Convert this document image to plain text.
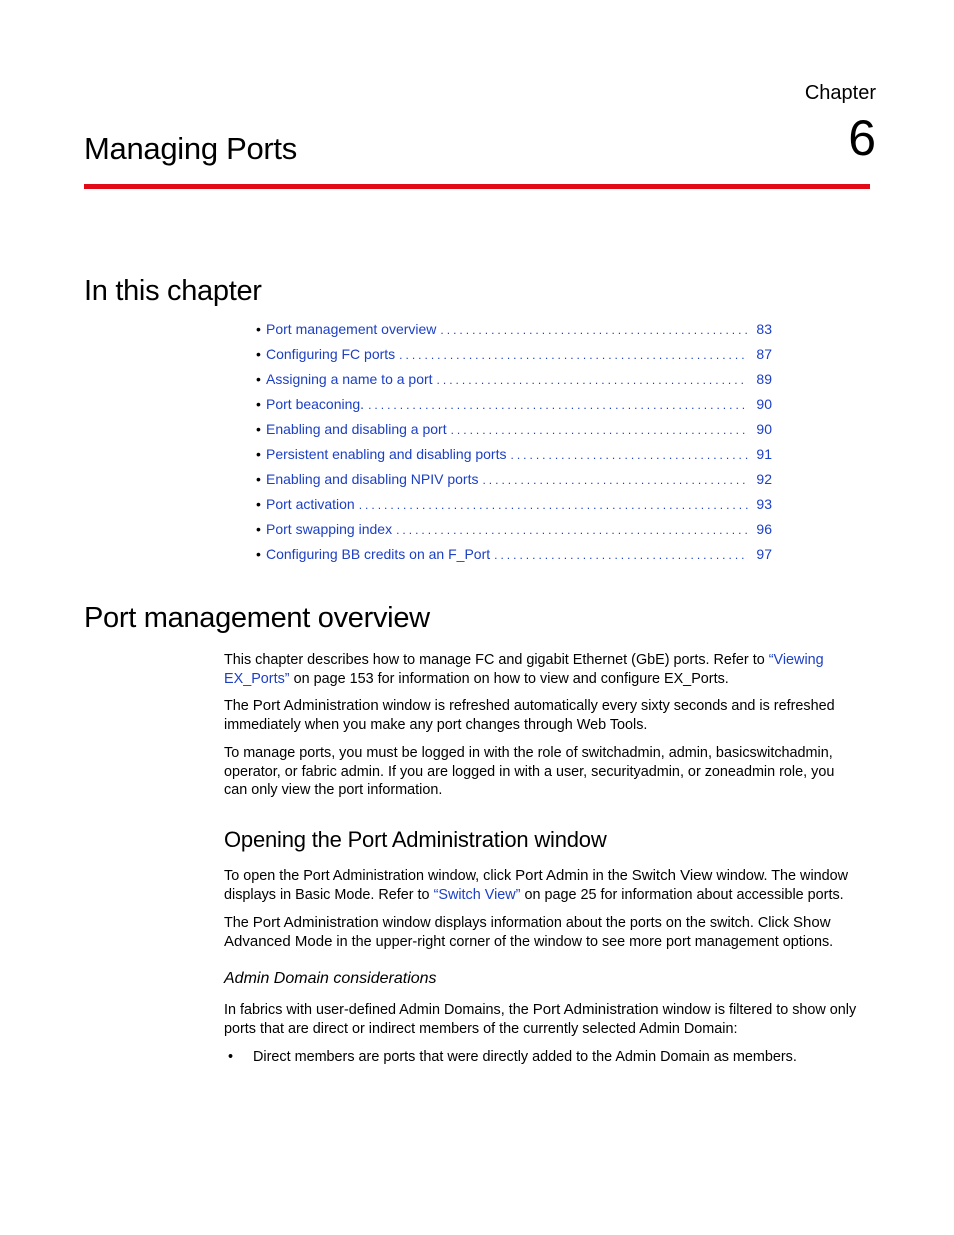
Chapter
6
Managing Ports
In this chapter
• Port management overview .....	83
• Configuring FC ports .....	87
• Assigning a name to a port .....	89
• Port beaconing. .....	90
• Enabling and disabling a port .....	90
• Persistent enabling and disabling ports .....	91
• Enabling and disabling NPIV ports .....	92
• Port activation .....	93
• Port swapping index .....	96
• Configuring BB credits on an F_Port .....	97
Port management overview

This chapter describes how to manage FC and gigabit Ethernet (GbE) ports. Refer to “Viewing
EX_Ports” on page 153 for information on how to view and configure EX_Ports.

The Port Administration window is refreshed automatically every sixty seconds and is refreshed
immediately when you make any port changes through Web Tools.

To manage ports, you must be logged in with the role of switchadmin, admin, basicswitchadmin,
operator, or fabric admin. If you are logged in with a user, securityadmin, or zoneadmin role, you
can only view the port information.

Opening the Port Administration window

To open the Port Administration window, click Port Admin in the Switch View window. The window
displays in Basic Mode. Refer to “Switch View” on page 25 for information about accessible ports.

The Port Administration window displays information about the ports on the switch. Click Show
Advanced Mode in the upper-right corner of the window to see more port management options.

Admin Domain considerations

In fabrics with user-defined Admin Domains, the Port Administration window is filtered to show only
ports that are direct or indirect members of the currently selected Admin Domain:

• Direct members are ports that were directly added to the Admin Domain as members.
